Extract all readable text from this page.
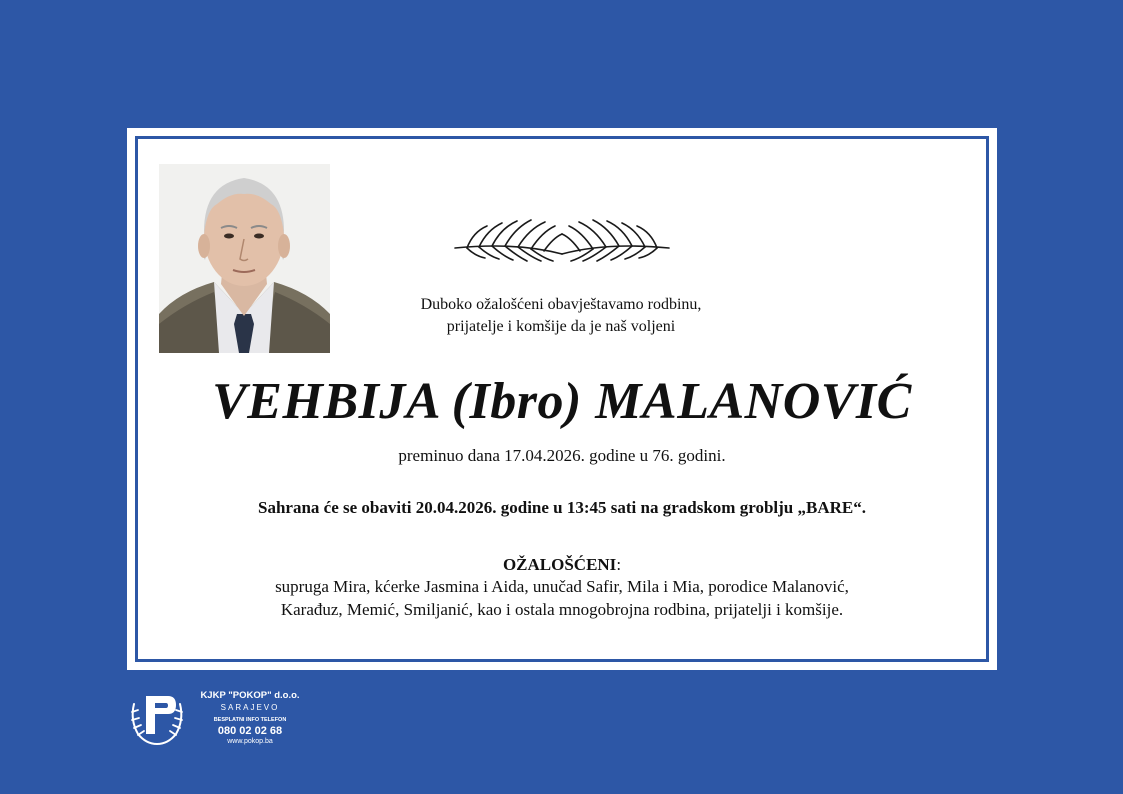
Duboko ožalošćeni obavještavamo rodbinu,
prijatelje i komšije da je naš voljeni
VEHBIJA (Ibro) MALANOVIĆ
preminuo dana 17.04.2026. godine u 76. godini.
Sahrana će se obaviti 20.04.2026. godine u 13:45 sati na gradskom groblju „BARE“.
OŽALOŠĆENI:
supruga Mira, kćerke Jasmina i Aida, unučad Safir, Mila i Mia, porodice Malanović,
Karađuz, Memić, Smiljanić, kao i ostala mnogobrojna rodbina, prijatelji i komšije.
KJKP "POKOP" d.o.o.
SARAJEVO
BESPLATNI INFO TELEFON
080 02 02 68
www.pokop.ba
